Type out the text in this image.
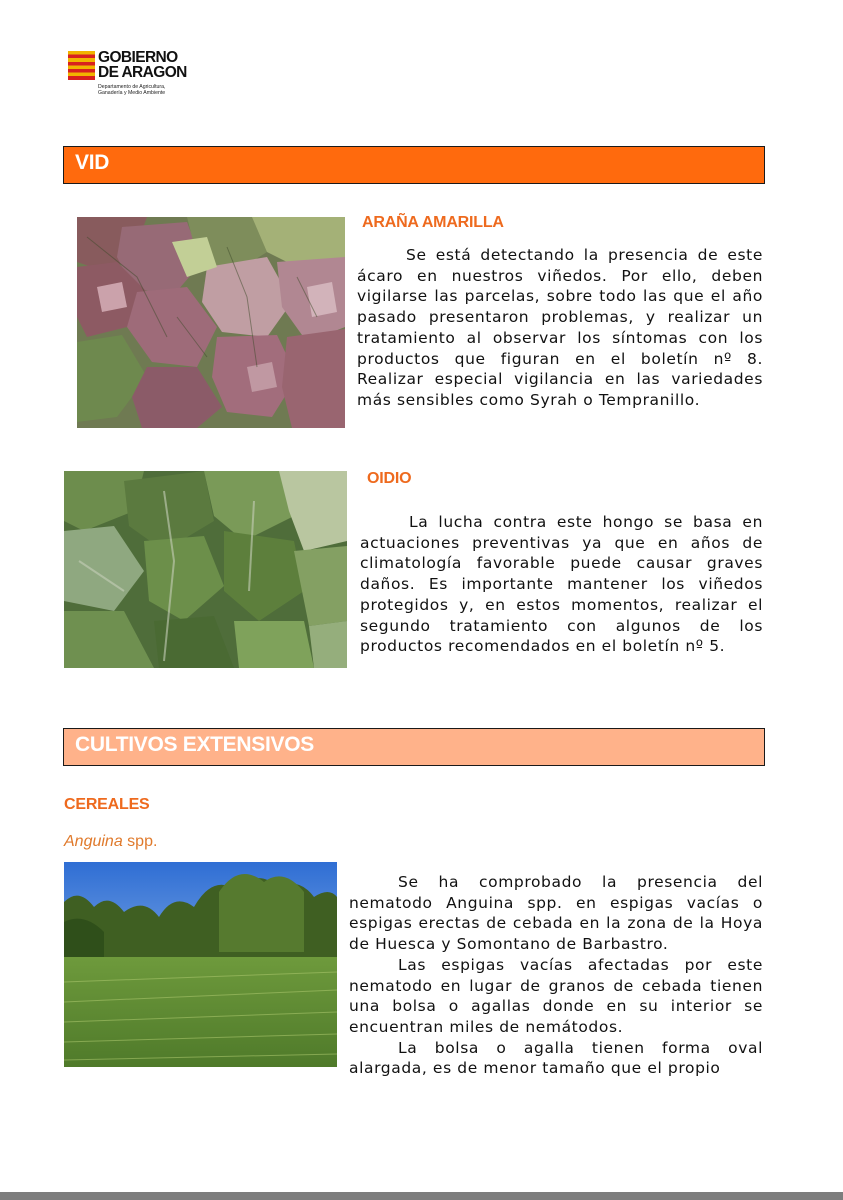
GOBIERNO
DE ARAGON
Departamento de Agricultura,
Ganadería y Medio Ambiente
VID
ARAÑA AMARILLA

Se está detectando la presencia de este ácaro en nuestros viñedos. Por ello, deben vigilarse las parcelas, sobre todo las que el año pasado presentaron problemas, y realizar un tratamiento al observar los síntomas con los productos que figuran en el boletín nº 8. Realizar especial vigilancia en las variedades más sensibles como Syrah o Tempranillo.

OIDIO

La lucha contra este hongo se basa en actuaciones preventivas ya que en años de climatología favorable puede causar graves daños. Es importante mantener los viñedos protegidos y, en estos momentos, realizar el segundo tratamiento con algunos de los productos recomendados en el boletín nº 5.

CULTIVOS EXTENSIVOS
CEREALES
Anguina spp.

Se ha comprobado la presencia del nematodo Anguina spp. en espigas vacías o espigas erectas de cebada en la zona de la Hoya de Huesca y Somontano de Barbastro.

Las espigas vacías afectadas por este nematodo en lugar de granos de cebada tienen una bolsa o agallas donde en su interior se encuentran miles de nemátodos.

La bolsa o agalla tienen forma oval alargada, es de menor tamaño que el propio
